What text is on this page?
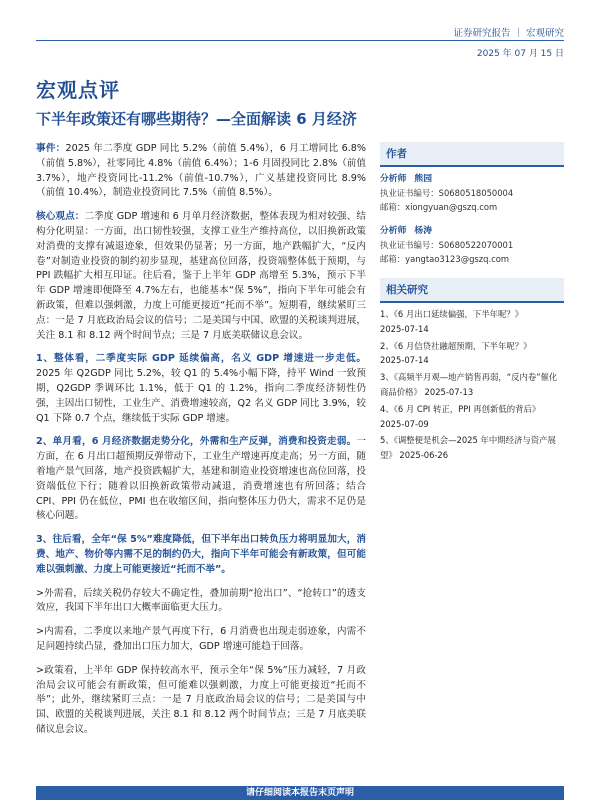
证券研究报告 ｜ 宏观研究
2025 年 07 月 15 日
宏观点评
下半年政策还有哪些期待？—全面解读 6 月经济

事件：2025 年二季度 GDP 同比 5.2%（前值 5.4%），6 月工增同比 6.8%（前值 5.8%），社零同比 4.8%（前值 6.4%）；1-6 月固投同比 2.8%（前值 3.7%），地产投资同比-11.2%（前值-10.7%），广义基建投资同比 8.9%（前值 10.4%），制造业投资同比 7.5%（前值 8.5%）。

核心观点：二季度 GDP 增速和 6 月单月经济数据，整体表现为相对较强、结构分化明显：一方面，出口韧性较强，支撑工业生产维持高位，以旧换新政策对消费的支撑有减退迹象，但效果仍显著；另一方面，地产跌幅扩大，“反内卷”对制造业投资的制约初步显现，基建高位回落，投资端整体低于预期，与 PPI 跌幅扩大相互印证。往后看，鉴于上半年 GDP 高增至 5.3%，预示下半年 GDP 增速即便降至 4.7%左右，也能基本“保 5%”，指向下半年可能会有新政策，但难以强刺激，力度上可能更接近“托而不举”。短期看，继续紧盯三点：一是 7 月底政治局会议的信号；二是美国与中国、欧盟的关税谈判进展，关注 8.1 和 8.12 两个时间节点；三是 7 月底美联储议息会议。

1、整体看，二季度实际 GDP 延续偏高，名义 GDP 增速进一步走低。2025 年 Q2GDP 同比 5.2%，较 Q1 的 5.4%小幅下降，持平 Wind 一致预期，Q2GDP 季调环比 1.1%，低于 Q1 的 1.2%，指向二季度经济韧性仍强，主因出口韧性，工业生产、消费增速较高，Q2 名义 GDP 同比 3.9%，较 Q1 下降 0.7 个点，继续低于实际 GDP 增速。

2、单月看，6 月经济数据走势分化，外需和生产反弹，消费和投资走弱。一方面，在 6 月出口超预期反弹带动下，工业生产增速再度走高；另一方面，随着地产景气回落，地产投资跌幅扩大，基建和制造业投资增速也高位回落，投资端低位下行；随着以旧换新政策带动减退，消费增速也有所回落；结合 CPI、PPI 仍在低位，PMI 也在收缩区间，指向整体压力仍大，需求不足仍是核心问题。

3、往后看，全年“保 5%”难度降低，但下半年出口转负压力将明显加大，消费、地产、物价等内需不足的制约仍大，指向下半年可能会有新政策，但可能难以强刺激、力度上可能更接近“托而不举”。

>外需看，后续关税仍存较大不确定性，叠加前期“抢出口”、“抢转口”的透支效应，我国下半年出口大概率面临更大压力。

>内需看，二季度以来地产景气再度下行，6 月消费也出现走弱迹象，内需不足问题持续凸显，叠加出口压力加大，GDP 增速可能趋于回落。

>政策看，上半年 GDP 保持较高水平，预示全年“保 5%”压力减轻，7 月政治局会议可能会有新政策，但可能难以强刺激，力度上可能更接近“托而不举”；此外，继续紧盯三点：一是 7 月底政治局会议的信号；二是美国与中国、欧盟的关税谈判进展，关注 8.1 和 8.12 两个时间节点；三是 7 月底美联储议息会议。

作者
分析师 熊园
执业证书编号：S0680518050004
邮箱：xiongyuan@gszq.com
分析师 杨涛
执业证书编号：S0680522070001
邮箱：yangtao3123@gszq.com
相关研究
1、《6 月出口延续偏强，下半年呢？》 2025-07-14
2、《6 月信贷社融超预期，下半年呢？》 2025-07-14
3、《高频半月观—地产销售再弱，“反内卷”催化商品价格》 2025-07-13
4、《6 月 CPI 转正，PPI 再创新低的背后》 2025-07-09
5、《调整便是机会—2025 年中期经济与资产展望》 2025-06-26
请仔细阅读本报告末页声明
